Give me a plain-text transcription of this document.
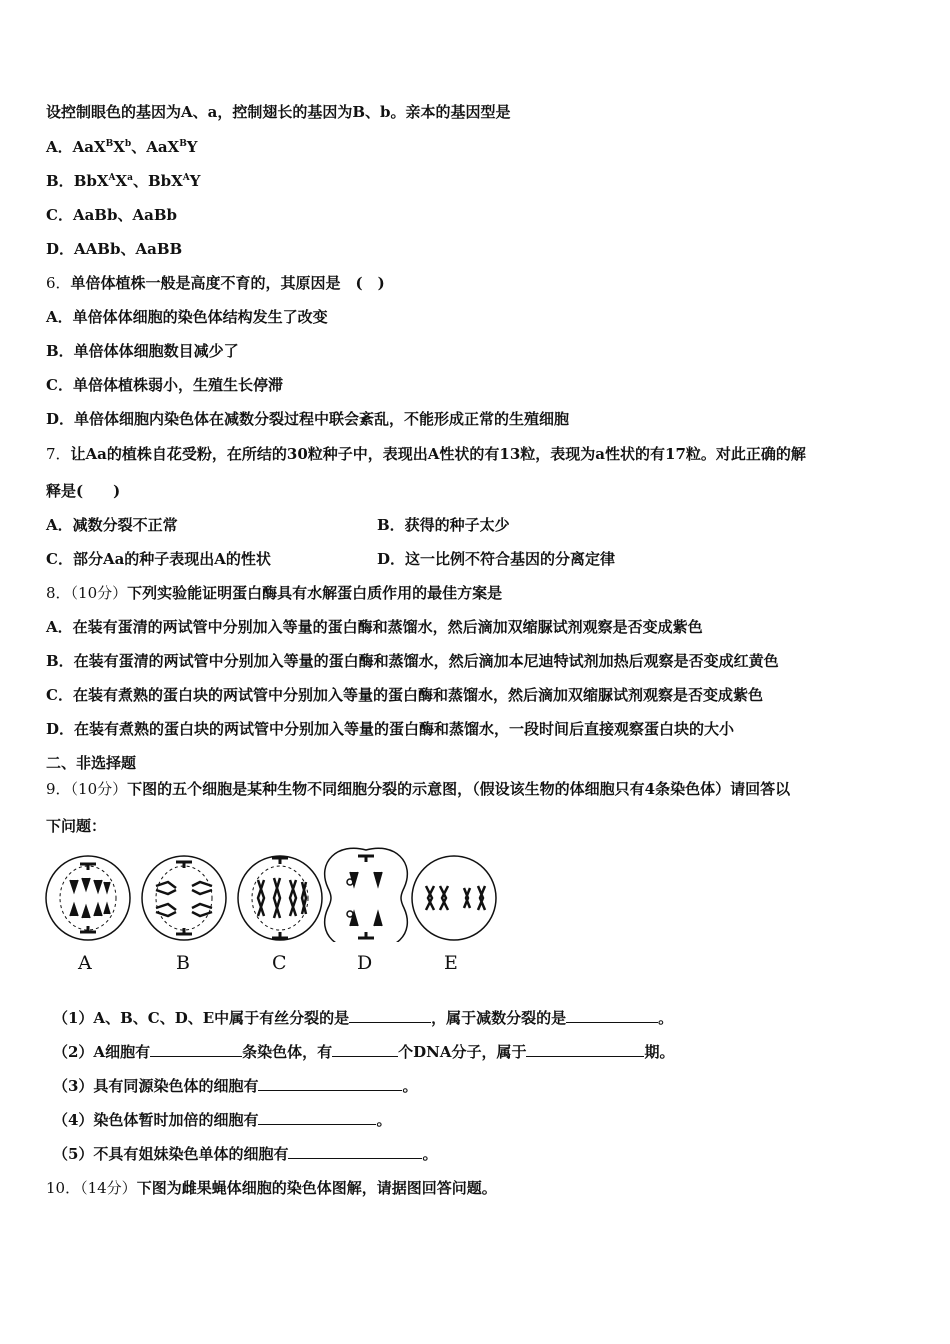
设控制眼色的基因为A、a，控制翅长的基因为B、b。亲本的基因型是
A．$AaX^BX^b$、AaX$^B$Y
B．$BbX^AX^a$、BbX$^A$Y
C．AaBb、AaBb
D．AABb、AaBB
6．单倍体植株一般是高度不育的，其原因是　(　)
A．单倍体体细胞的染色体结构发生了改变
B．单倍体体细胞数目减少了
C．单倍体植株弱小，生殖生长停滞
D．单倍体细胞内染色体在减数分裂过程中联会紊乱，不能形成正常的生殖细胞
7．让Aa的植株自花受粉，在所结的30粒种子中，表现出A性状的有13粒，表现为a性状的有17粒。对此正确的解
释是(　　)
A．减数分裂不正常	B．获得的种子太少
C．部分Aa的种子表现出A的性状	D．这一比例不符合基因的分离定律
8．（10分）下列实验能证明蛋白酶具有水解蛋白质作用的最佳方案是
A．在装有蛋清的两试管中分别加入等量的蛋白酶和蒸馏水，然后滴加双缩脲试剂观察是否变成紫色
B．在装有蛋清的两试管中分别加入等量的蛋白酶和蒸馏水，然后滴加本尼迪特试剂加热后观察是否变成红黄色
C．在装有煮熟的蛋白块的两试管中分别加入等量的蛋白酶和蒸馏水，然后滴加双缩脲试剂观察是否变成紫色
D．在装有煮熟的蛋白块的两试管中分别加入等量的蛋白酶和蒸馏水，一段时间后直接观察蛋白块的大小
二、非选择题
9．（10分）下图的五个细胞是某种生物不同细胞分裂的示意图，（假设该生物的体细胞只有4条染色体）请回答以
下问题：
A	B	C	D	E
（1）A、B、C、D、E中属于有丝分裂的是	，属于减数分裂的是	。
（2）A细胞有	条染色体，有	个DNA分子，属于	期。
（3）具有同源染色体的细胞有	。
（4）染色体暂时加倍的细胞有	。
（5）不具有姐妹染色单体的细胞有	。
10．（14分）下图为雌果蝇体细胞的染色体图解，请据图回答问题。
